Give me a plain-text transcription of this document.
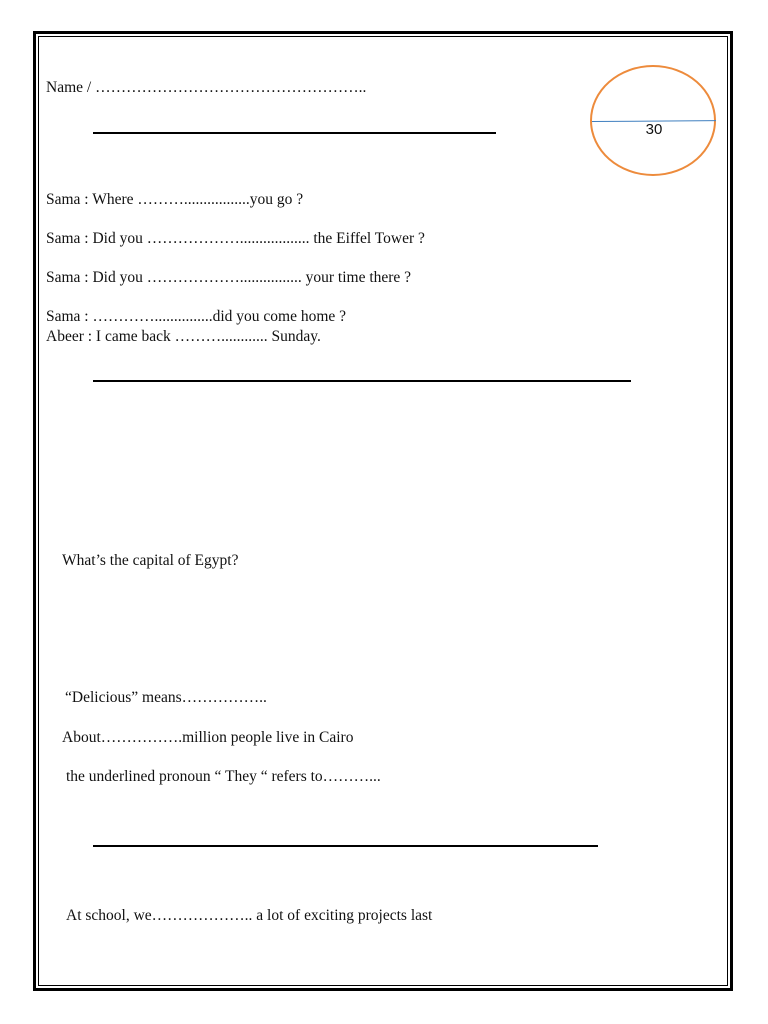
Name / ……………………………………………..
30
Sama : Where ……….................you go ?
Sama : Did you ……………….................. the Eiffel Tower ?
Sama : Did you ………………................ your time there ?
Sama : …………...............did you come home ?
Abeer : I came back ………............ Sunday.
What’s the capital of Egypt?
“Delicious” means……………..
About…………….million people live in Cairo
the underlined pronoun “ They “ refers to………...
At school, we……………….. a lot of exciting projects last
